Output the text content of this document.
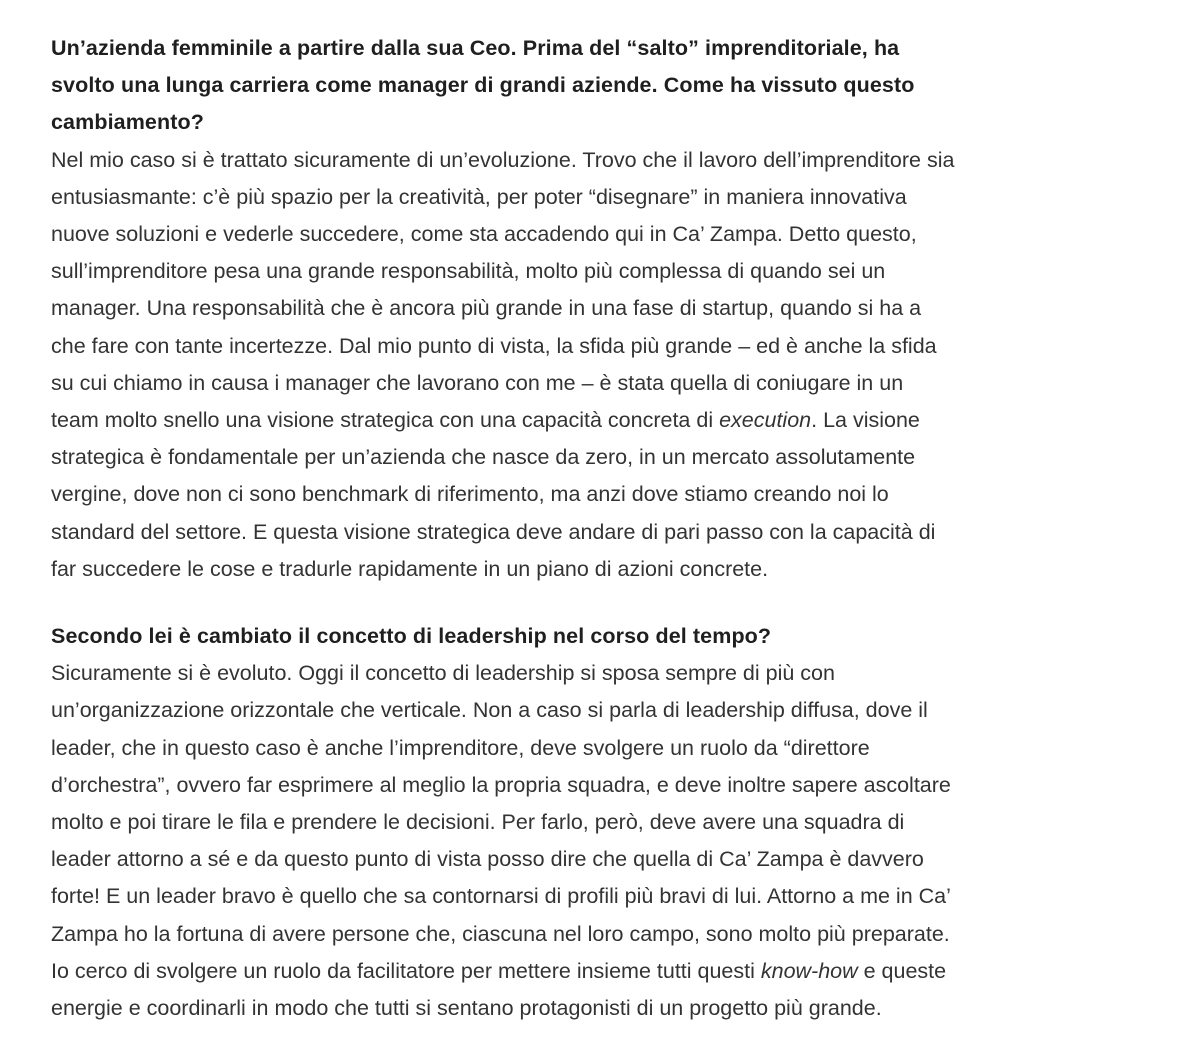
Un’azienda femminile a partire dalla sua Ceo. Prima del “salto” imprenditoriale, ha
svolto una lunga carriera come manager di grandi aziende. Come ha vissuto questo
cambiamento?

Nel mio caso si è trattato sicuramente di un’evoluzione. Trovo che il lavoro dell’imprenditore sia
entusiasmante: c’è più spazio per la creatività, per poter “disegnare” in maniera innovativa
nuove soluzioni e vederle succedere, come sta accadendo qui in Ca’ Zampa. Detto questo,
sull’imprenditore pesa una grande responsabilità, molto più complessa di quando sei un
manager. Una responsabilità che è ancora più grande in una fase di startup, quando si ha a
che fare con tante incertezze. Dal mio punto di vista, la sfida più grande – ed è anche la sfida
su cui chiamo in causa i manager che lavorano con me – è stata quella di coniugare in un
team molto snello una visione strategica con una capacità concreta di execution. La visione
strategica è fondamentale per un’azienda che nasce da zero, in un mercato assolutamente
vergine, dove non ci sono benchmark di riferimento, ma anzi dove stiamo creando noi lo
standard del settore. E questa visione strategica deve andare di pari passo con la capacità di
far succedere le cose e tradurle rapidamente in un piano di azioni concrete.

Secondo lei è cambiato il concetto di leadership nel corso del tempo?

Sicuramente si è evoluto. Oggi il concetto di leadership si sposa sempre di più con
un’organizzazione orizzontale che verticale. Non a caso si parla di leadership diffusa, dove il
leader, che in questo caso è anche l’imprenditore, deve svolgere un ruolo da “direttore
d’orchestra”, ovvero far esprimere al meglio la propria squadra, e deve inoltre sapere ascoltare
molto e poi tirare le fila e prendere le decisioni. Per farlo, però, deve avere una squadra di
leader attorno a sé e da questo punto di vista posso dire che quella di Ca’ Zampa è davvero
forte! E un leader bravo è quello che sa contornarsi di profili più bravi di lui. Attorno a me in Ca’
Zampa ho la fortuna di avere persone che, ciascuna nel loro campo, sono molto più preparate.
Io cerco di svolgere un ruolo da facilitatore per mettere insieme tutti questi know-how e queste
energie e coordinarli in modo che tutti si sentano protagonisti di un progetto più grande.
